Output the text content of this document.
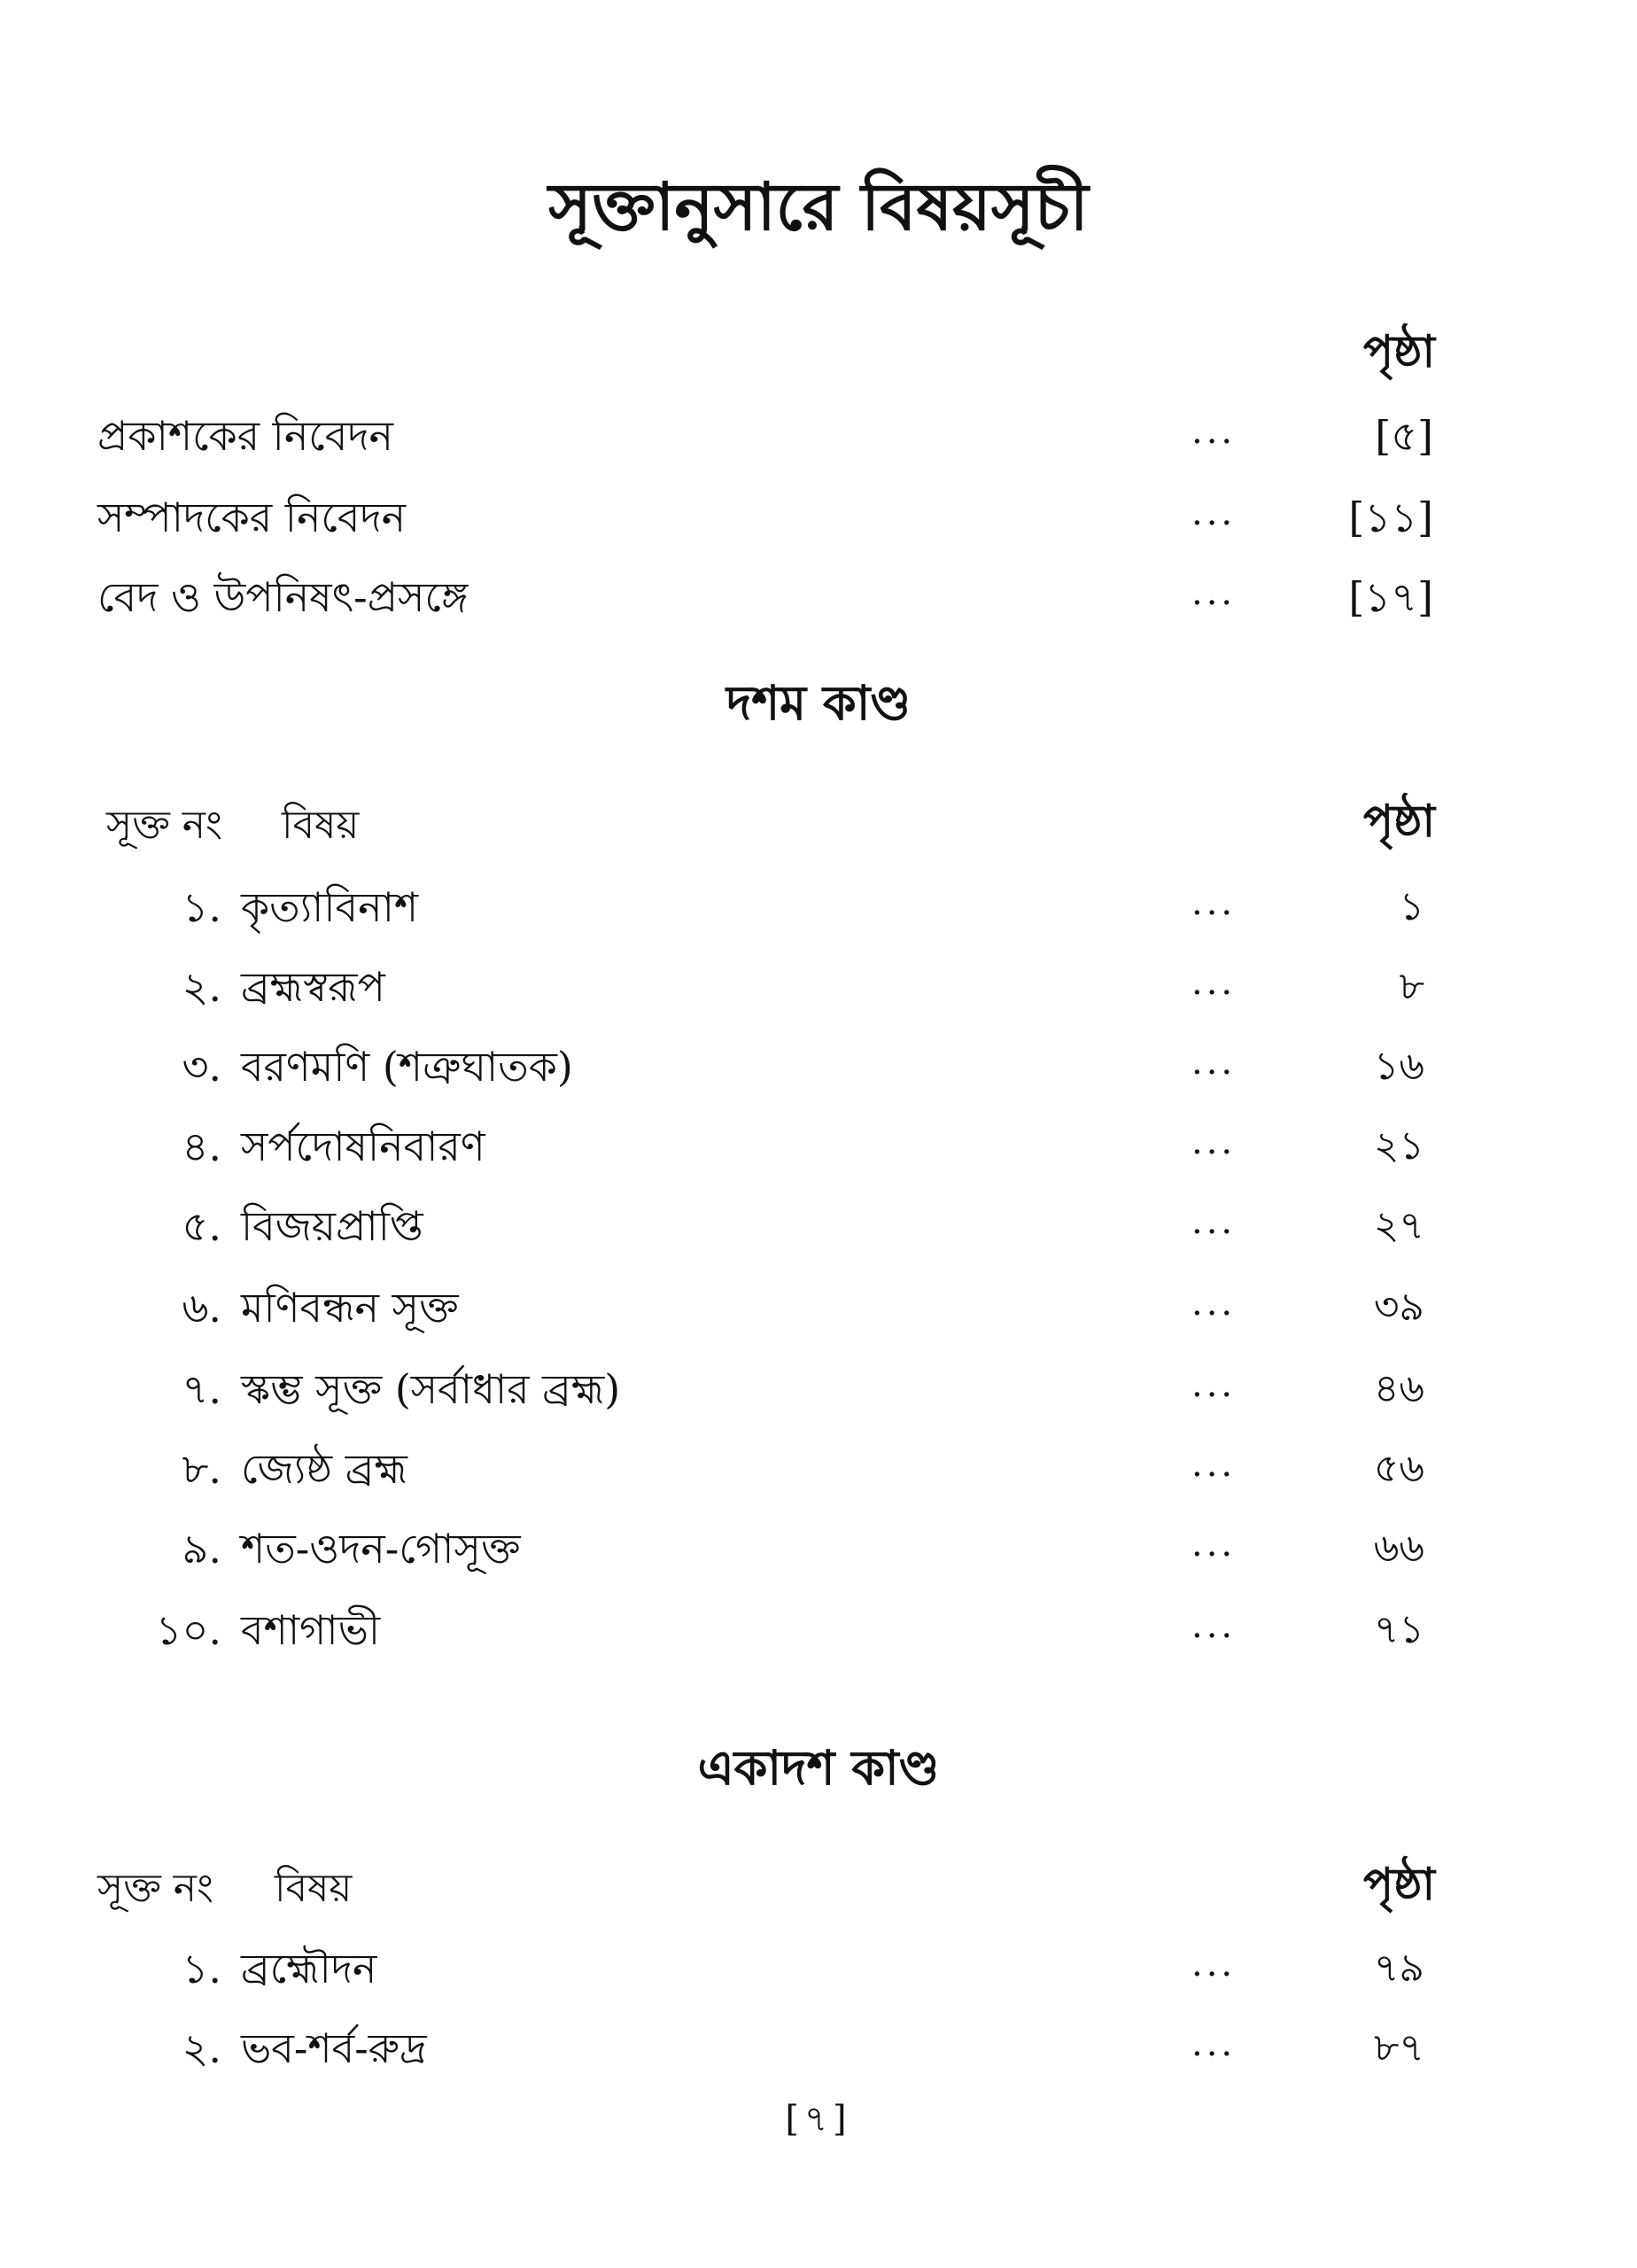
সূক্তানুসারে বিষয়সূচী
পৃষ্ঠা
প্রকাশকের নিবেদন	...	[৫]
সম্পাদকের নিবেদন	...	[১১]
বেদ ও উপনিষৎ-প্রসঙ্গে	...	[১৭]
দশম কাণ্ড
সূক্ত নং বিষয়	পৃষ্ঠা
১. কৃত্যাবিনাশ	...	১
২. ব্রহ্মস্বরূপ	...	৮
৩. বরণমণি (শত্রুঘাতক)	...	১৬
৪. সর্পদোষনিবারণ	...	২১
৫. বিজয়প্রাপ্তি	...	২৭
৬. মণিবন্ধন সূক্ত	...	৩৯
৭. স্কম্ভ সূক্ত (সর্বাধার ব্রহ্ম)	...	৪৬
৮. জ্যেষ্ঠ ব্রহ্ম	...	৫৬
৯. শত-ওদন-গোসূক্ত	...	৬৬
১০. বশাগাভী	...	৭১
একাদশ কাণ্ড
সূক্ত নং বিষয়	পৃষ্ঠা
১. ব্রহ্মৌদন	...	৭৯
২. ভব-শর্ব-রুদ্র	...	৮৭
[৭]
